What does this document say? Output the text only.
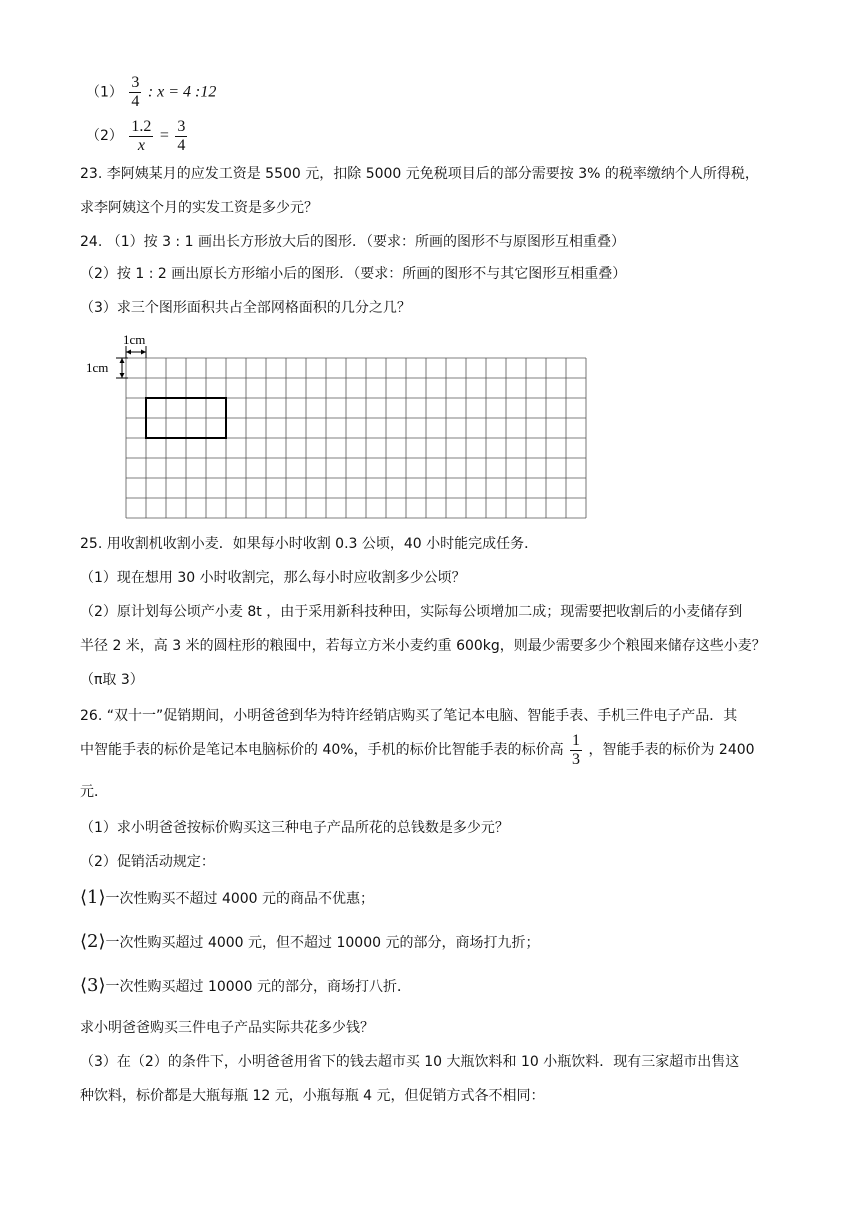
$(1) \frac{3}{4}$ : x = 4 :12
$(2) \frac{1.2}{x} = \frac{3}{4}$
23. 李阿姨某月的应发工资是 5500 元，扣除 5000 元免税项目后的部分需要按 3% 的税率缴纳个人所得税，
求李阿姨这个月的实发工资是多少元？
24. （1）按 3 : 1 画出长方形放大后的图形．（要求：所画的图形不与原图形互相重叠）
（2）按 1 : 2 画出原长方形缩小后的图形．（要求：所画的图形不与其它图形互相重叠）
（3）求三个图形面积共占全部网格面积的几分之几？
1cm
1cm
25. 用收割机收割小麦．如果每小时收割 0.3 公顷，40 小时能完成任务．
（1）现在想用 30 小时收割完，那么每小时应收割多少公顷？
（2）原计划每公顷产小麦 8t ，由于采用新科技种田，实际每公顷增加二成；现需要把收割后的小麦储存到
半径 2 米，高 3 米的圆柱形的粮囤中，若每立方米小麦约重 600kg，则最少需要多少个粮囤来储存这些小麦？
（π取 3）
26. “双十一”促销期间，小明爸爸到华为特许经销店购买了笔记本电脑、智能手表、手机三件电子产品．其
中智能手表的标价是笔记本电脑标价的 40%，手机的标价比智能手表的标价高 $\frac{1}{3}$ ，智能手表的标价为 2400
元．
（1）求小明爸爸按标价购买这三种电子产品所花的总钱数是多少元？
（2）促销活动规定：
⟨1⟩一次性购买不超过 4000 元的商品不优惠；
⟨2⟩一次性购买超过 4000 元，但不超过 10000 元的部分，商场打九折；
⟨3⟩一次性购买超过 10000 元的部分，商场打八折．
求小明爸爸购买三件电子产品实际共花多少钱？
（3）在（2）的条件下，小明爸爸用省下的钱去超市买 10 大瓶饮料和 10 小瓶饮料．现有三家超市出售这
种饮料，标价都是大瓶每瓶 12 元，小瓶每瓶 4 元，但促销方式各不相同：
